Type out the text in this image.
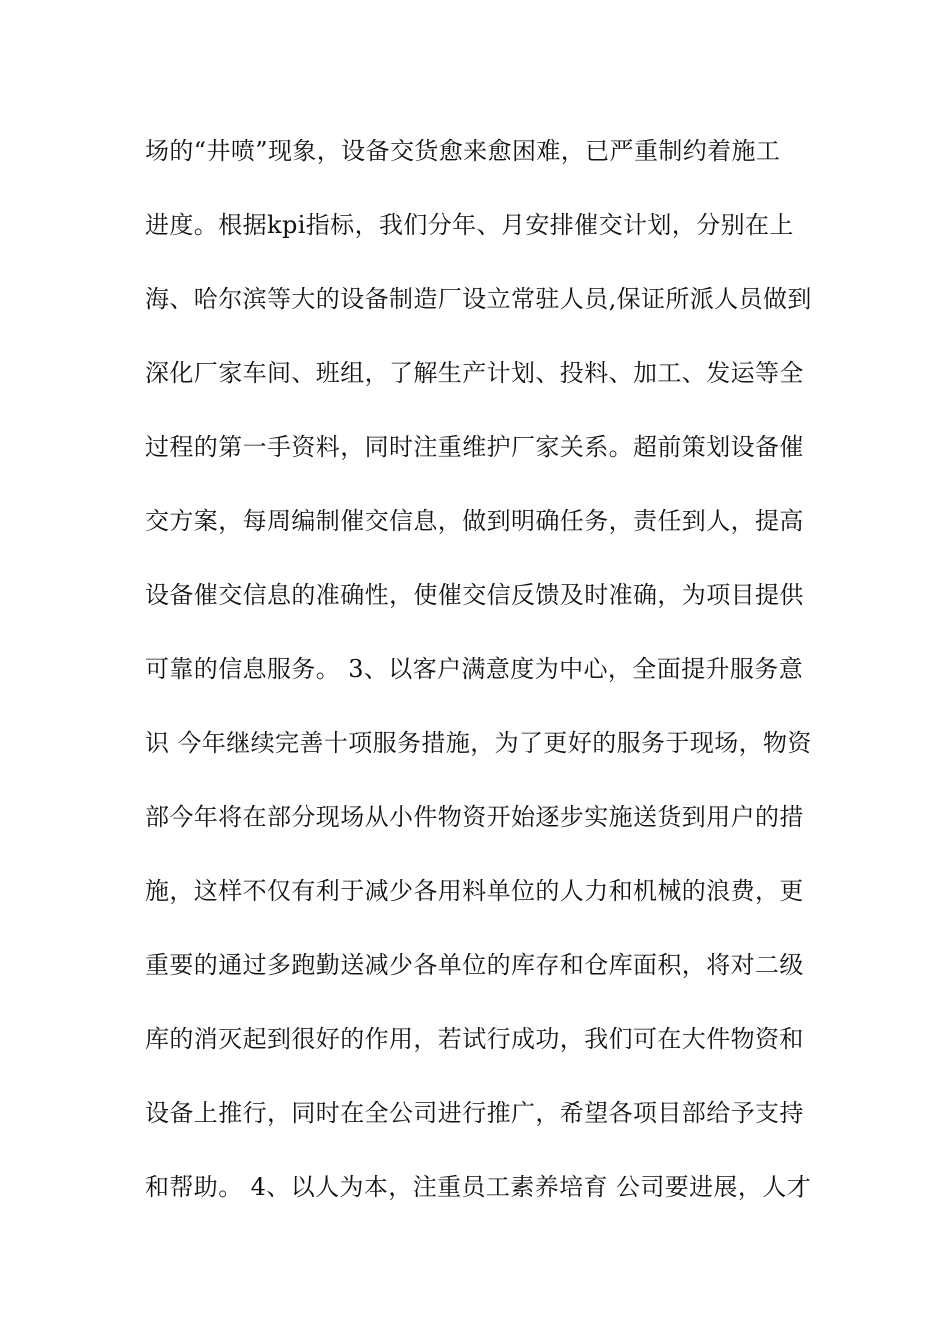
场的“井喷”现象，设备交货愈来愈困难，已严重制约着施工
进度。根据kpi指标，我们分年、月安排催交计划，分别在上
海、哈尔滨等大的设备制造厂设立常驻人员,保证所派人员做到
深化厂家车间、班组，了解生产计划、投料、加工、发运等全
过程的第一手资料，同时注重维护厂家关系。超前策划设备催
交方案，每周编制催交信息，做到明确任务，责任到人，提高
设备催交信息的准确性，使催交信反馈及时准确，为项目提供
可靠的信息服务。 3、以客户满意度为中心，全面提升服务意
识 今年继续完善十项服务措施，为了更好的服务于现场，物资
部今年将在部分现场从小件物资开始逐步实施送货到用户的措
施，这样不仅有利于减少各用料单位的人力和机械的浪费，更
重要的通过多跑勤送减少各单位的库存和仓库面积，将对二级
库的消灭起到很好的作用，若试行成功，我们可在大件物资和
设备上推行，同时在全公司进行推广，希望各项目部给予支持
和帮助。 4、以人为本，注重员工素养培育 公司要进展，人才
